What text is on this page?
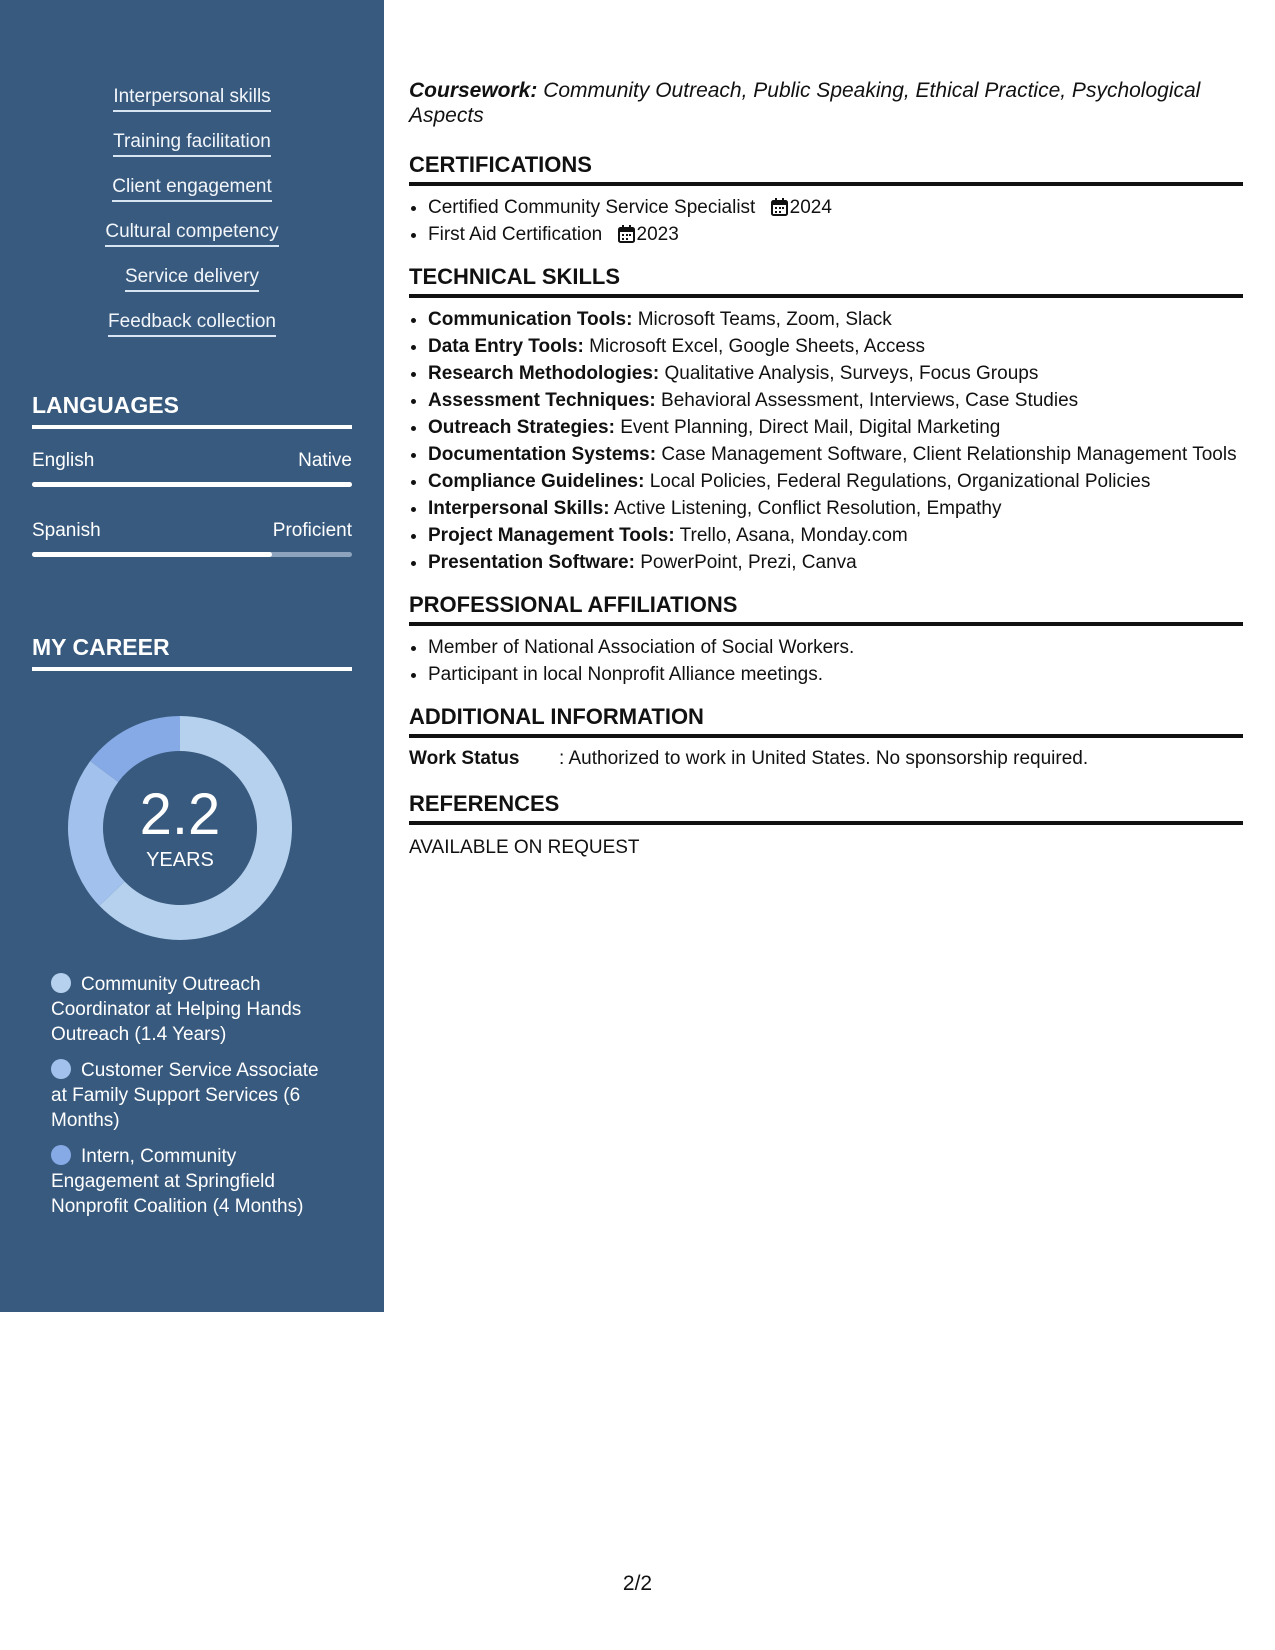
Interpersonal skills
Training facilitation
Client engagement
Cultural competency
Service delivery
Feedback collection
LANGUAGES
English	Native
Spanish	Proficient
MY CAREER
2.2
YEARS
Community Outreach Coordinator at Helping Hands Outreach (1.4 Years)
Customer Service Associate at Family Support Services (6 Months)
Intern, Community Engagement at Springfield Nonprofit Coalition (4 Months)

Coursework: Community Outreach, Public Speaking, Ethical Practice, Psychological Aspects

CERTIFICATIONS
• Certified Community Service Specialist 2024
• First Aid Certification 2023
TECHNICAL SKILLS
• Communication Tools: Microsoft Teams, Zoom, Slack
• Data Entry Tools: Microsoft Excel, Google Sheets, Access
• Research Methodologies: Qualitative Analysis, Surveys, Focus Groups
• Assessment Techniques: Behavioral Assessment, Interviews, Case Studies
• Outreach Strategies: Event Planning, Direct Mail, Digital Marketing
• Documentation Systems: Case Management Software, Client Relationship Management Tools
• Compliance Guidelines: Local Policies, Federal Regulations, Organizational Policies
• Interpersonal Skills: Active Listening, Conflict Resolution, Empathy
• Project Management Tools: Trello, Asana, Monday.com
• Presentation Software: PowerPoint, Prezi, Canva
PROFESSIONAL AFFILIATIONS
• Member of National Association of Social Workers.
• Participant in local Nonprofit Alliance meetings.
ADDITIONAL INFORMATION
Work Status	: Authorized to work in United States. No sponsorship required.
REFERENCES

AVAILABLE ON REQUEST

2/2
